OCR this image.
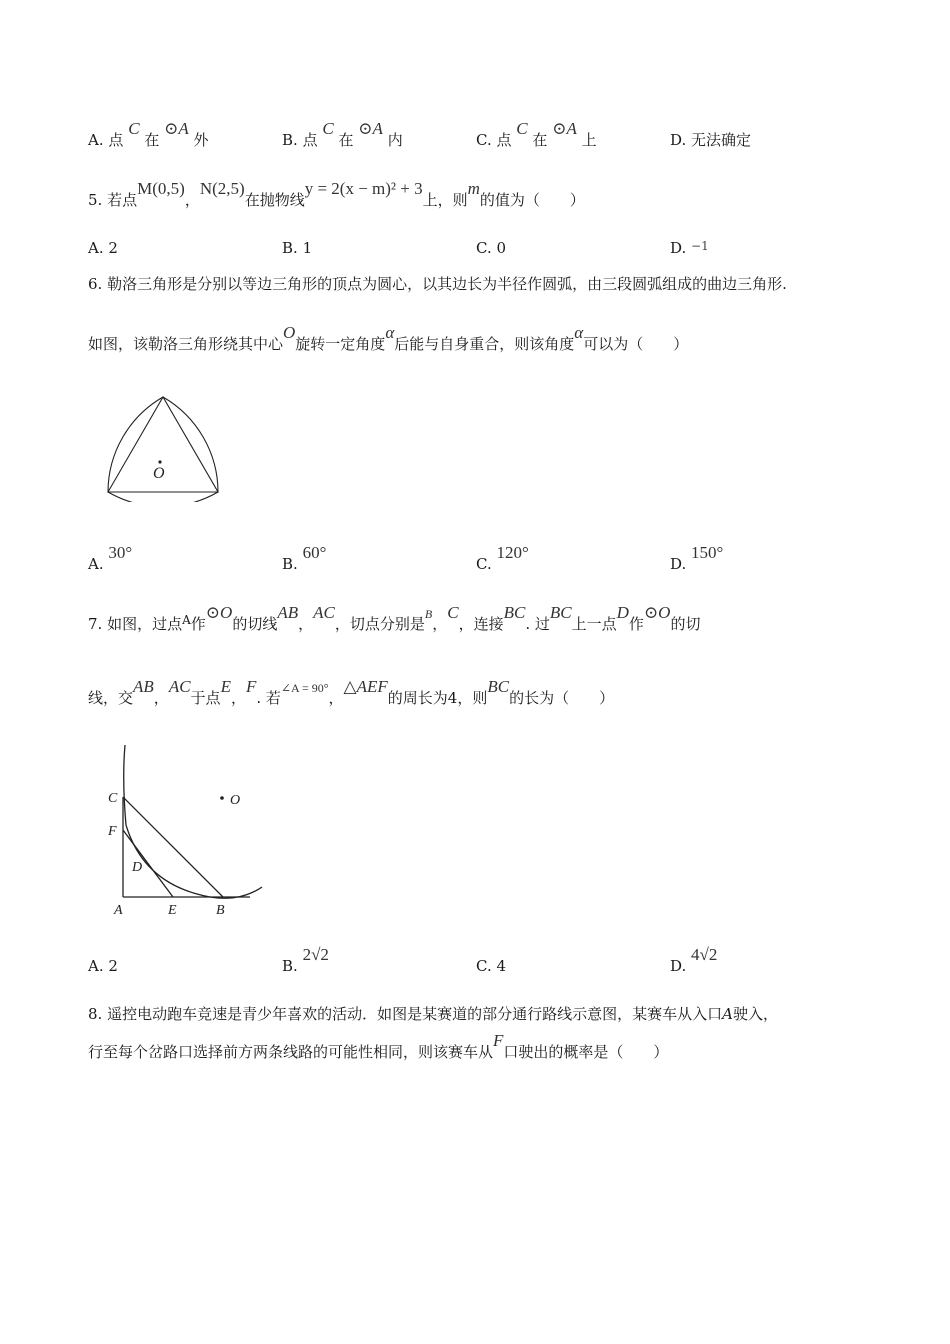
A. 点 C 在 ⊙A 外	B. 点 C 在 ⊙A 内	C. 点 C 在 ⊙A 上	D. 无法确定
5. 若点M(0,5)，N(2,5)在抛物线y = 2(x − m)² + 3上，则m的值为（　　）
A. 2	B. 1	C. 0	D. $^{-1}$
6. 勒洛三角形是分别以等边三角形的顶点为圆心，以其边长为半径作圆弧，由三段圆弧组成的曲边三角形.
如图，该勒洛三角形绕其中心O旋转一定角度α后能与自身重合，则该角度α可以为（　　）
O
A. 30°
B. 60°
C. 120°
D. 150°
7. 如图，过点$^A$作⊙O的切线AB，AC，切点分别是$^B$，C，连接BC. 过BC上一点D作⊙O的切
线，交AB，AC于点E，F. 若$^{\angle A = 90^\circ}$，△AEF的周长为4，则BC的长为（　　）
C
F
D
A	E	B
O
A. 2	B. 2√2
C. 4	D. 4√2
8. 遥控电动跑车竞速是青少年喜欢的活动．如图是某赛道的部分通行路线示意图，某赛车从入口A驶入，
行至每个岔路口选择前方两条线路的可能性相同，则该赛车从F口驶出的概率是（　　）
